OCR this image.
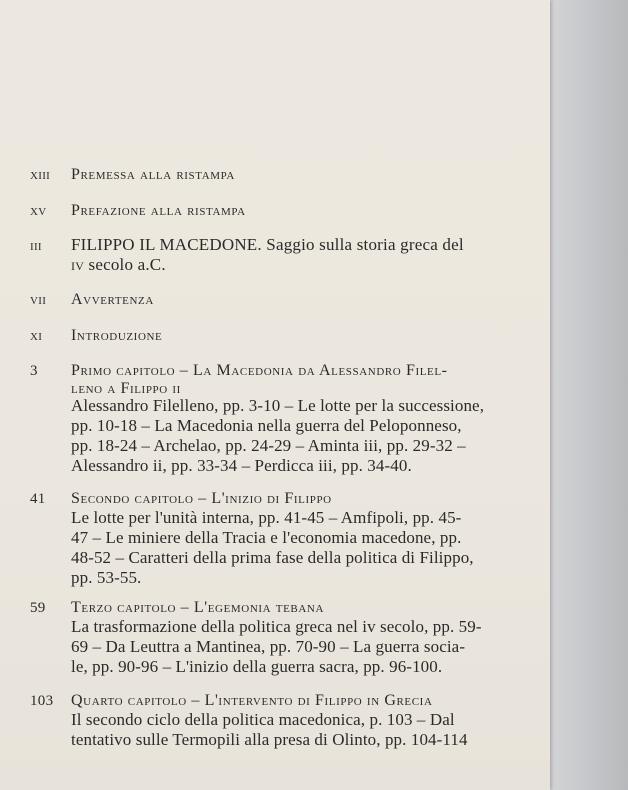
xiii	Premessa alla ristampa
xv	Prefazione alla ristampa
iii	FILIPPO IL MACEDONE. Saggio sulla storia greca del
iv secolo a.C.
vii	Avvertenza
xi	Introduzione
3	Primo capitolo – La Macedonia da Alessandro Filel-
leno a Filippo ii
Alessandro Filelleno, pp. 3-10 – Le lotte per la successione,
pp. 10-18 – La Macedonia nella guerra del Peloponneso,
pp. 18-24 – Archelao, pp. 24-29 – Aminta iii, pp. 29-32 –
Alessandro ii, pp. 33-34 – Perdicca iii, pp. 34-40.
41	Secondo capitolo – L'inizio di Filippo
Le lotte per l'unità interna, pp. 41-45 – Amfipoli, pp. 45-
47 – Le miniere della Tracia e l'economia macedone, pp.
48-52 – Caratteri della prima fase della politica di Filippo,
pp. 53-55.
59	Terzo capitolo – L'egemonia tebana
La trasformazione della politica greca nel iv secolo, pp. 59-
69 – Da Leuttra a Mantinea, pp. 70-90 – La guerra socia-
le, pp. 90-96 – L'inizio della guerra sacra, pp. 96-100.
103	Quarto capitolo – L'intervento di Filippo in Grecia
Il secondo ciclo della politica macedonica, p. 103 – Dal
tentativo sulle Termopili alla presa di Olinto, pp. 104-114
